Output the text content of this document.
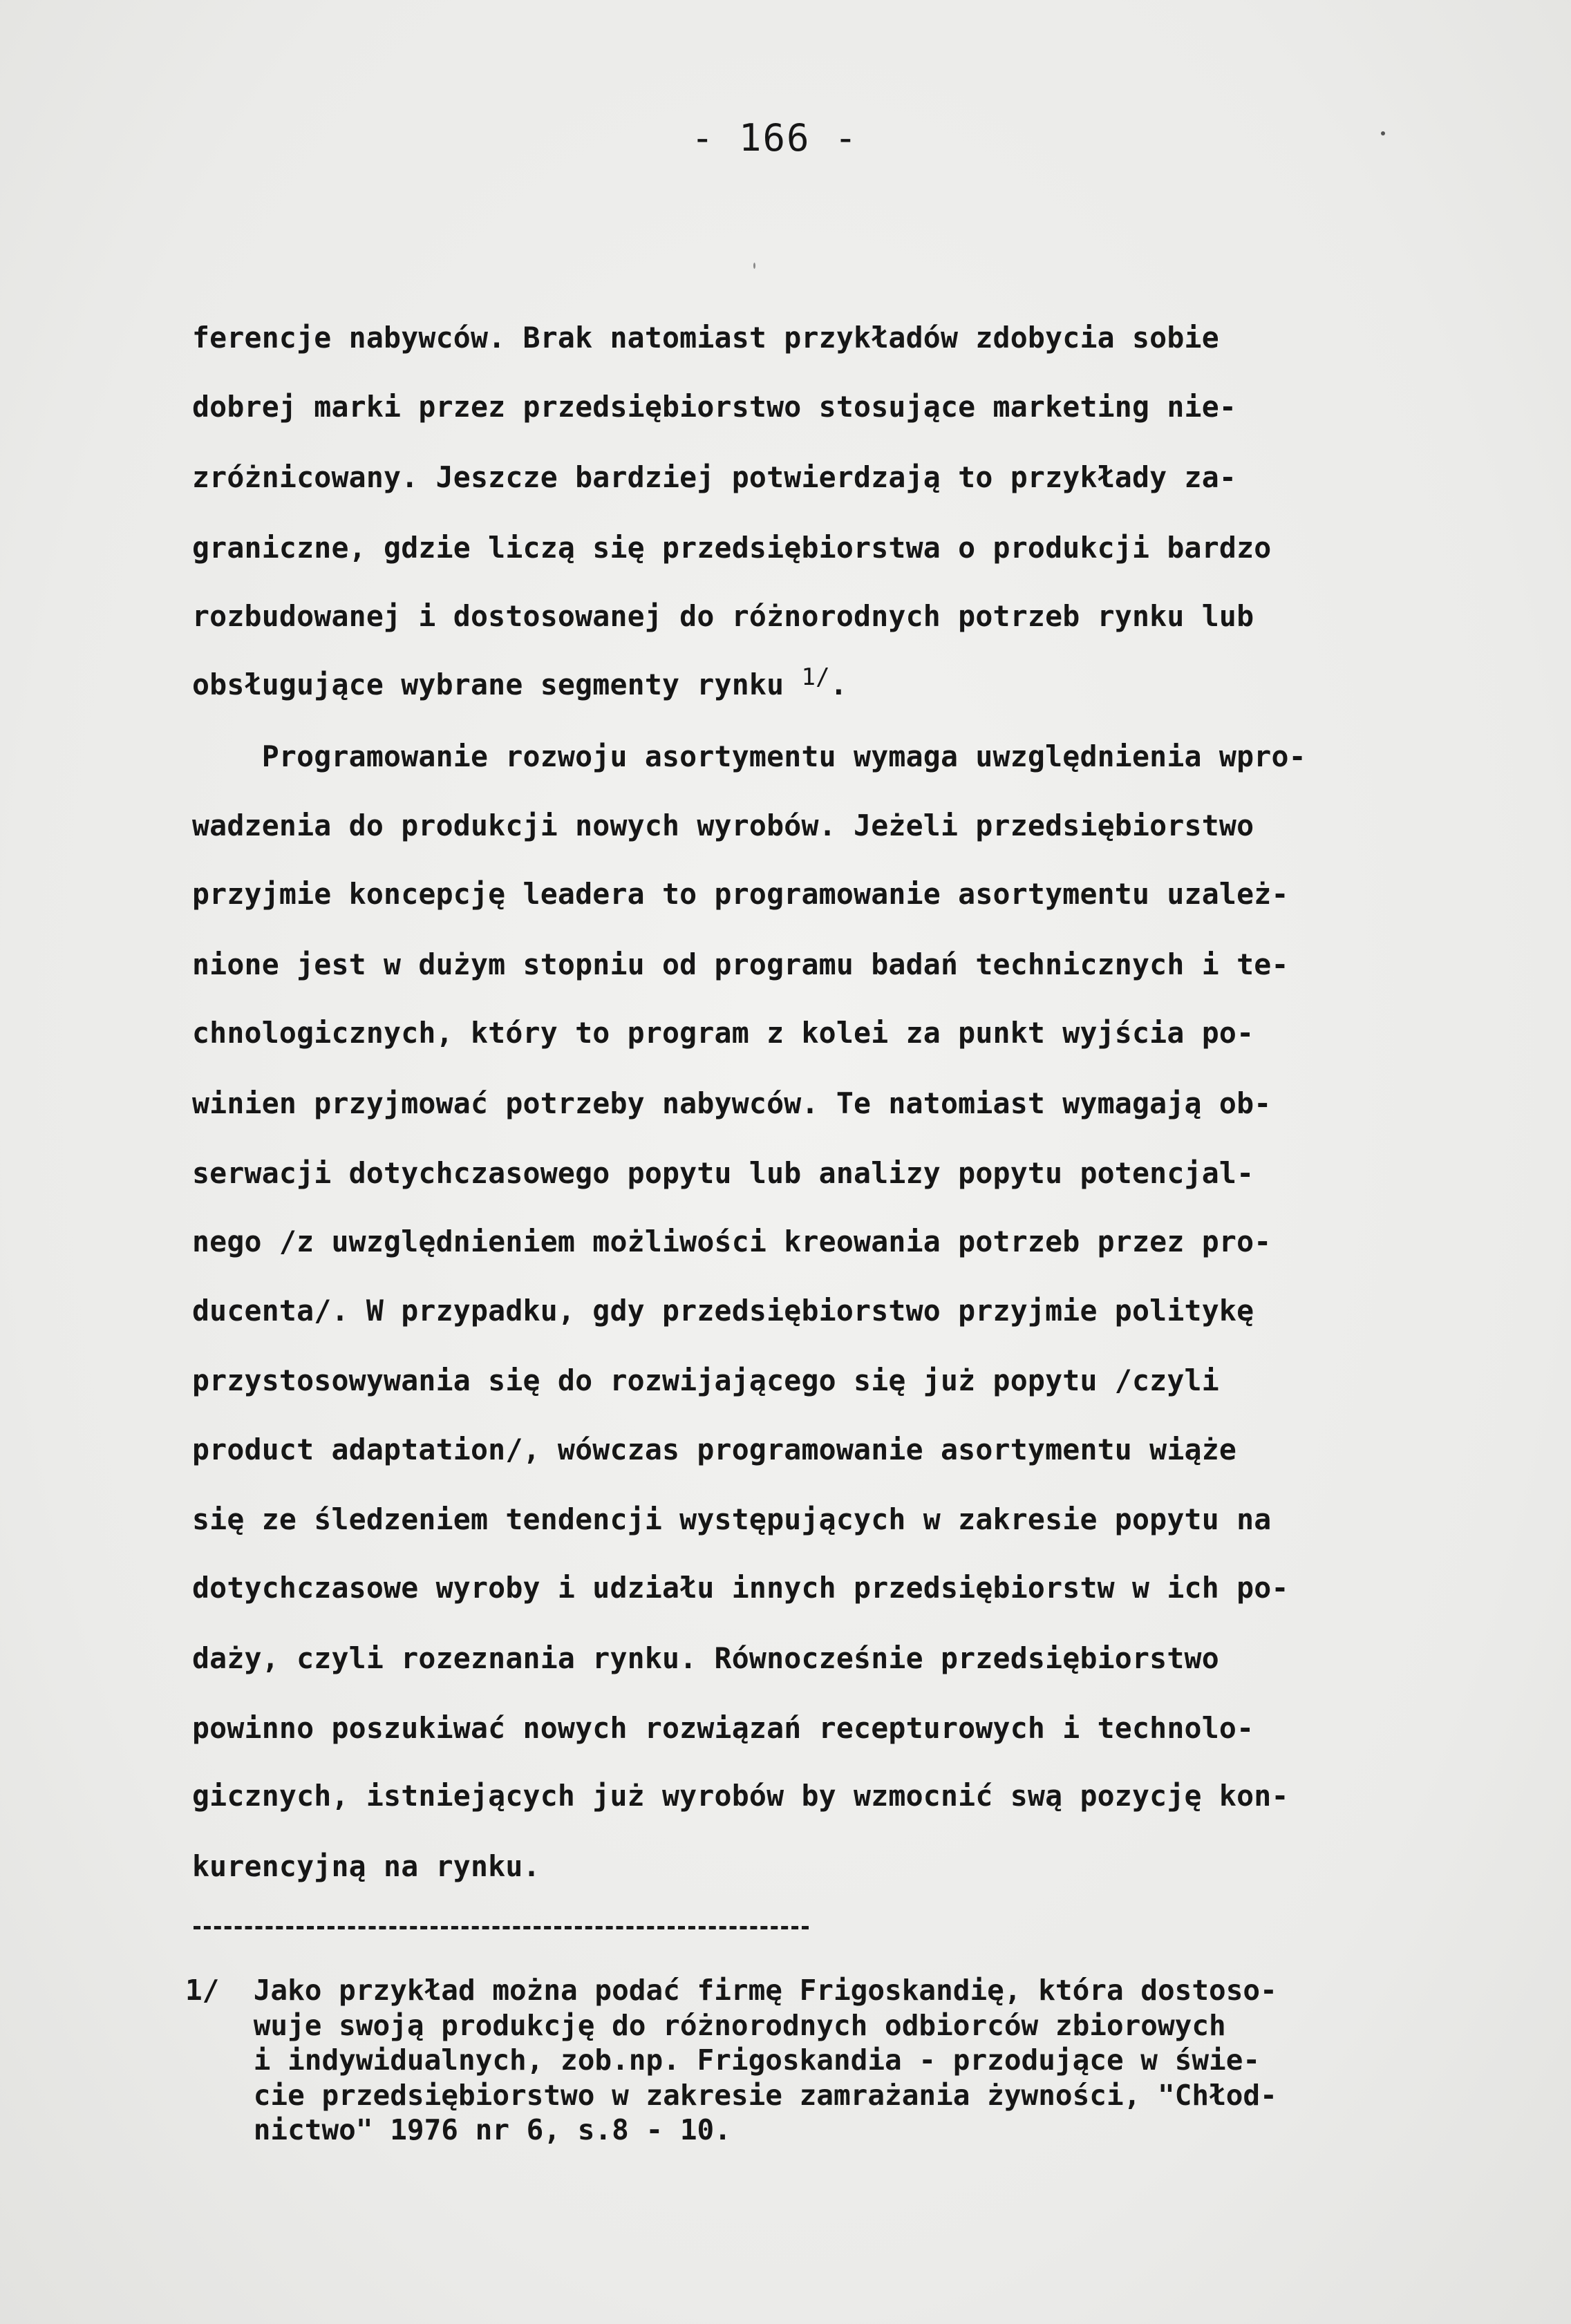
- 166 -
ferencje nabywców. Brak natomiast przykładów zdobycia sobie
dobrej marki przez przedsiębiorstwo stosujące marketing nie-
zróżnicowany. Jeszcze bardziej potwierdzają to przykłady za-
graniczne, gdzie liczą się przedsiębiorstwa o produkcji bardzo
rozbudowanej i dostosowanej do różnorodnych potrzeb rynku lub
obsługujące wybrane segmenty rynku $^{1/}$.
Programowanie rozwoju asortymentu wymaga uwzględnienia wpro-
wadzenia do produkcji nowych wyrobów. Jeżeli przedsiębiorstwo
przyjmie koncepcję leadera to programowanie asortymentu uzależ-
nione jest w dużym stopniu od programu badań technicznych i te-
chnologicznych, który to program z kolei za punkt wyjścia po-
winien przyjmować potrzeby nabywców. Te natomiast wymagają ob-
serwacji dotychczasowego popytu lub analizy popytu potencjal-
nego /z uwzględnieniem możliwości kreowania potrzeb przez pro-
ducenta/. W przypadku, gdy przedsiębiorstwo przyjmie politykę
przystosowywania się do rozwijającego się już popytu /czyli
product adaptation/, wówczas programowanie asortymentu wiąże
się ze śledzeniem tendencji występujących w zakresie popytu na
dotychczasowe wyroby i udziału innych przedsiębiorstw w ich po-
daży, czyli rozeznania rynku. Równocześnie przedsiębiorstwo
powinno poszukiwać nowych rozwiązań recepturowych i technolo-
gicznych, istniejących już wyrobów by wzmocnić swą pozycję kon-
kurencyjną na rynku.
1/  Jako przykład można podać firmę Frigoskandię, która dostoso-
wuje swoją produkcję do różnorodnych odbiorców zbiorowych
i indywidualnych, zob.np. Frigoskandia - przodujące w świe-
cie przedsiębiorstwo w zakresie zamrażania żywności, "Chłod-
nictwo" 1976 nr 6, s.8 - 10.
